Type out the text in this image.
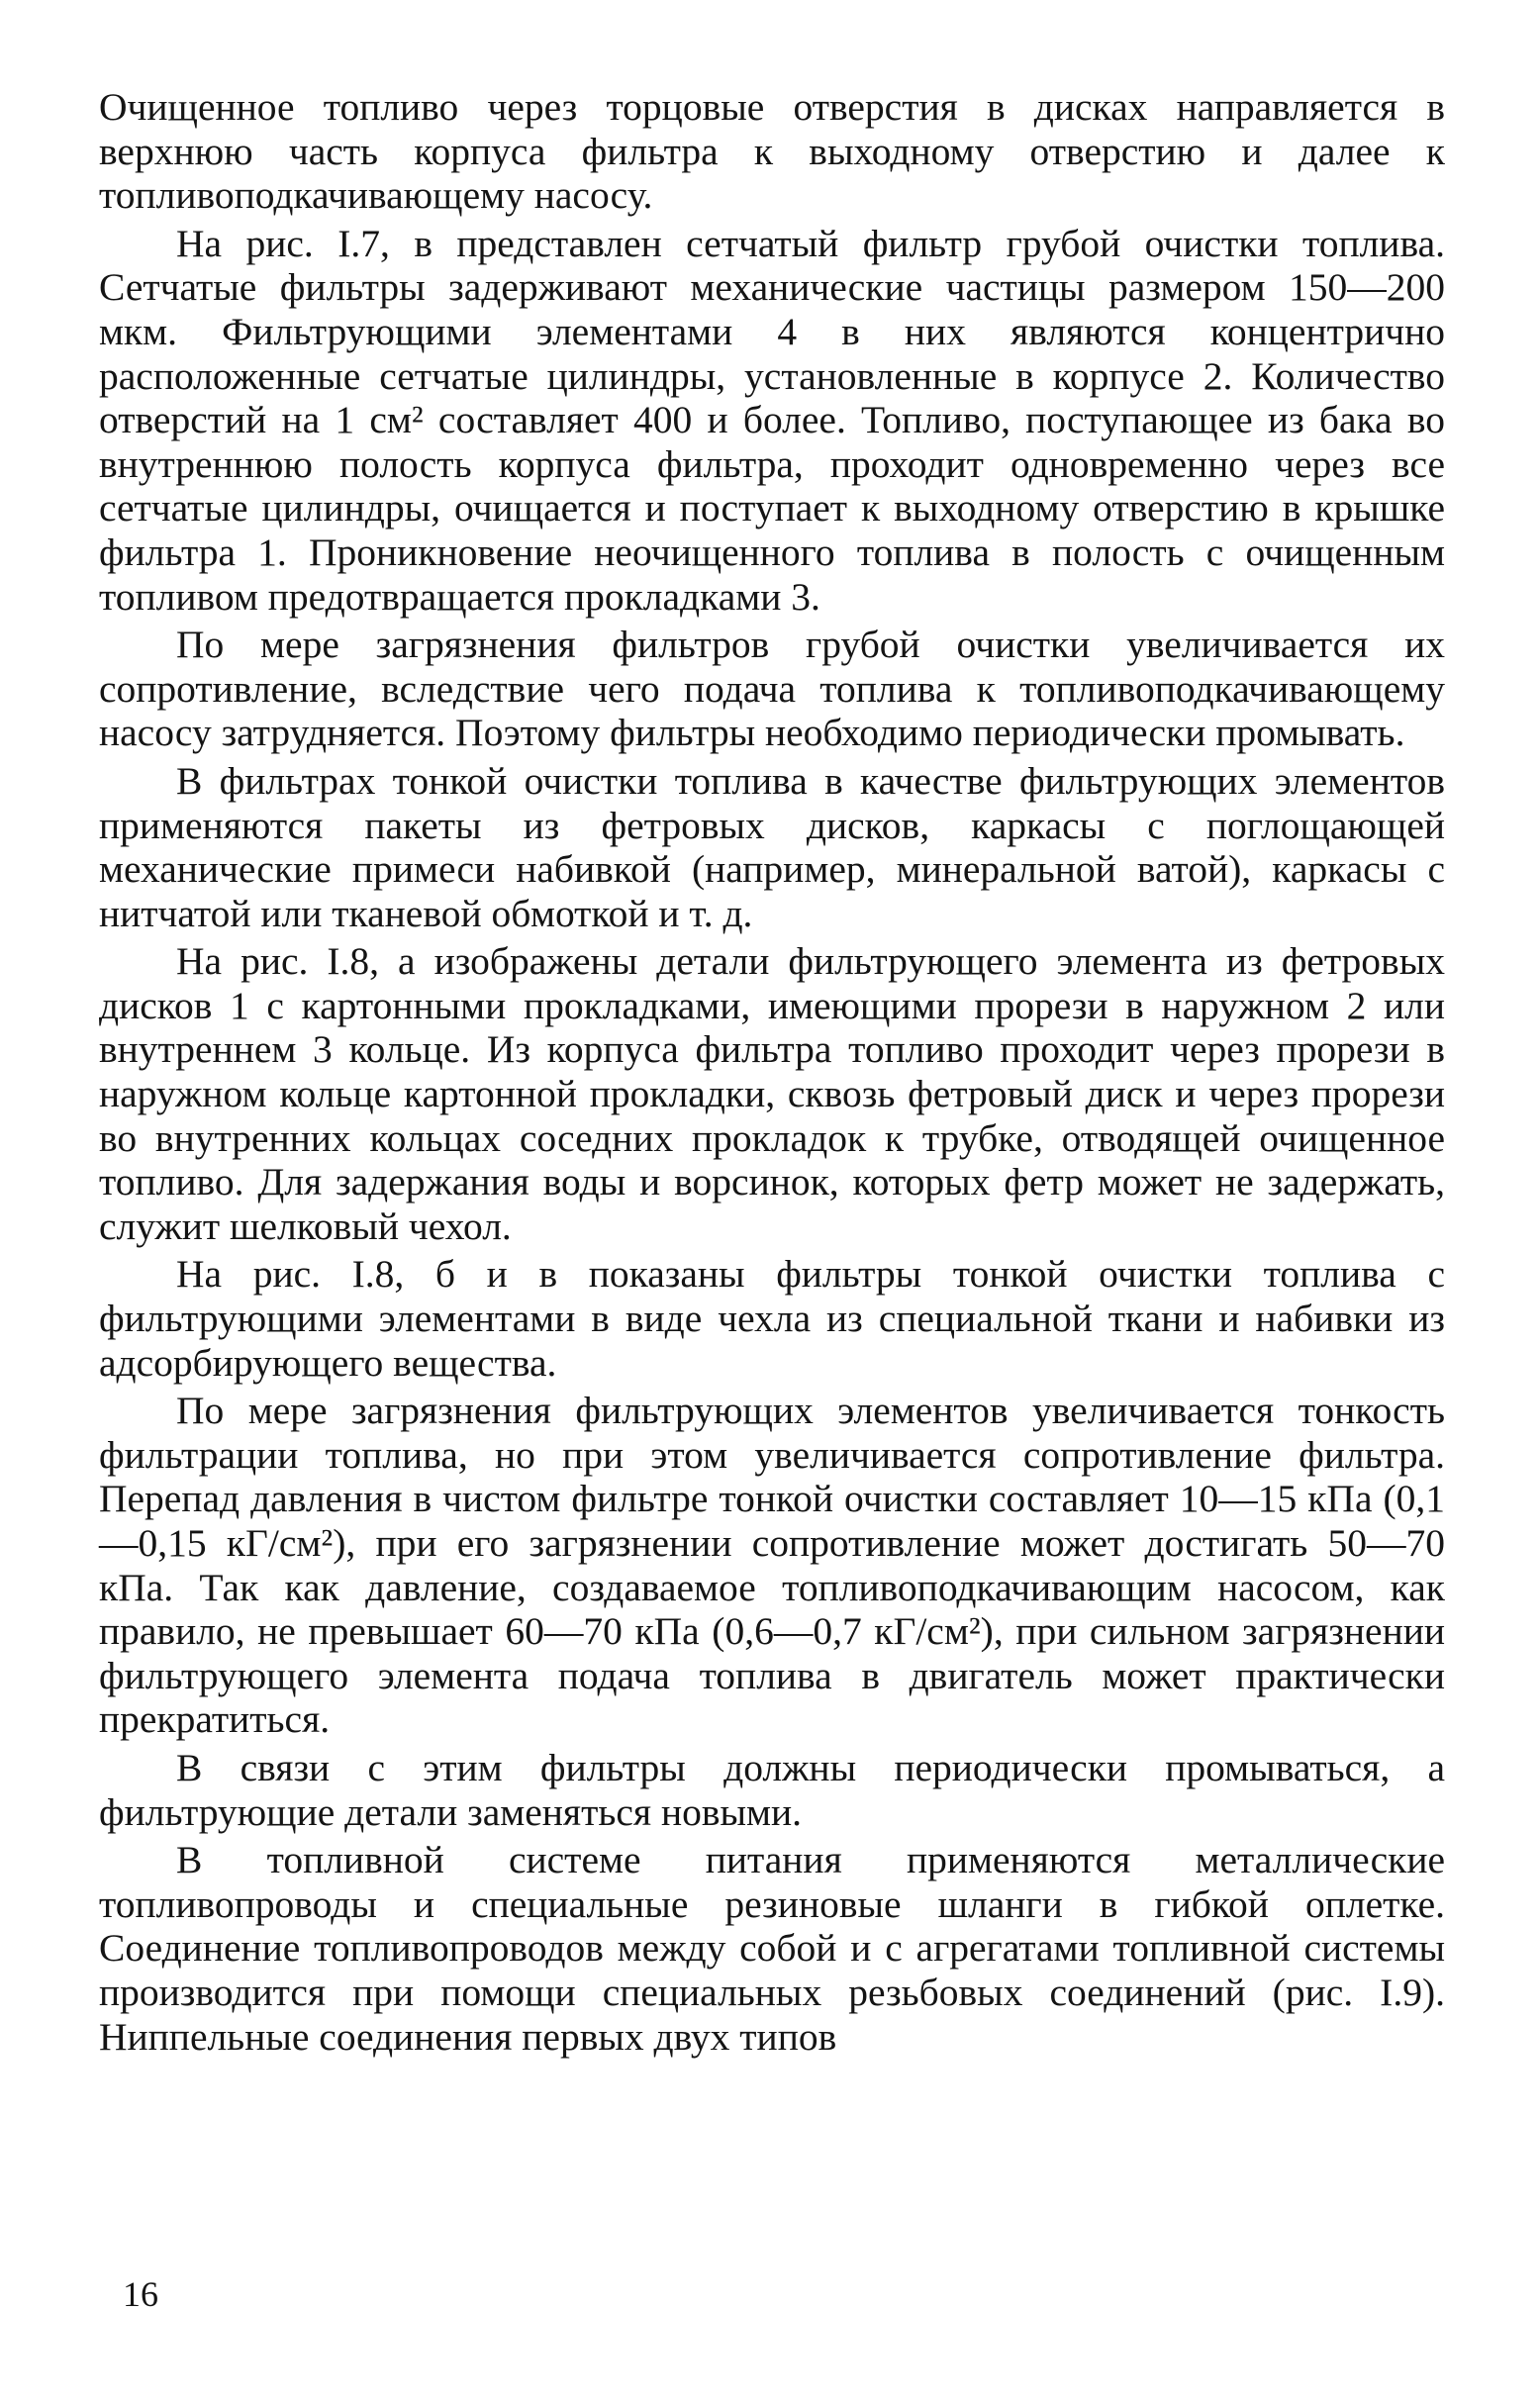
Очищенное топливо через торцовые отверстия в дисках направляется в верхнюю часть корпуса фильтра к выходному отверстию и далее к топливоподкачивающему насосу.

На рис. I.7, в представлен сетчатый фильтр грубой очистки топлива. Сетчатые фильтры задерживают механические частицы размером 150—200 мкм. Фильтрующими элементами 4 в них являются концентрично расположенные сетчатые цилиндры, установленные в корпусе 2. Количество отверстий на 1 см² составляет 400 и более. Топливо, поступающее из бака во внутреннюю полость корпуса фильтра, проходит одновременно через все сетчатые цилиндры, очищается и поступает к выходному отверстию в крышке фильтра 1. Проникновение неочищенного топлива в полость с очищенным топливом предотвращается прокладками 3.

По мере загрязнения фильтров грубой очистки увеличивается их сопротивление, вследствие чего подача топлива к топливоподкачивающему насосу затрудняется. Поэтому фильтры необходимо периодически промывать.

В фильтрах тонкой очистки топлива в качестве фильтрующих элементов применяются пакеты из фетровых дисков, каркасы с поглощающей механические примеси набивкой (например, минеральной ватой), каркасы с нитчатой или тканевой обмоткой и т. д.

На рис. I.8, а изображены детали фильтрующего элемента из фетровых дисков 1 с картонными прокладками, имеющими прорези в наружном 2 или внутреннем 3 кольце. Из корпуса фильтра топливо проходит через прорези в наружном кольце картонной прокладки, сквозь фетровый диск и через прорези во внутренних кольцах соседних прокладок к трубке, отводящей очищенное топливо. Для задержания воды и ворсинок, которых фетр может не задержать, служит шелковый чехол.

На рис. I.8, б и в показаны фильтры тонкой очистки топлива с фильтрующими элементами в виде чехла из специальной ткани и набивки из адсорбирующего вещества.

По мере загрязнения фильтрующих элементов увеличивается тонкость фильтрации топлива, но при этом увеличивается сопротивление фильтра. Перепад давления в чистом фильтре тонкой очистки составляет 10—15 кПа (0,1—0,15 кГ/см²), при его загрязнении сопротивление может достигать 50—70 кПа. Так как давление, создаваемое топливоподкачивающим насосом, как правило, не превышает 60—70 кПа (0,6—0,7 кГ/см²), при сильном загрязнении фильтрующего элемента подача топлива в двигатель может практически прекратиться.

В связи с этим фильтры должны периодически промываться, а фильтрующие детали заменяться новыми.

В топливной системе питания применяются металлические топливопроводы и специальные резиновые шланги в гибкой оплетке. Соединение топливопроводов между собой и с агрегатами топливной системы производится при помощи специальных резьбовых соединений (рис. I.9). Ниппельные соединения первых двух типов

16
